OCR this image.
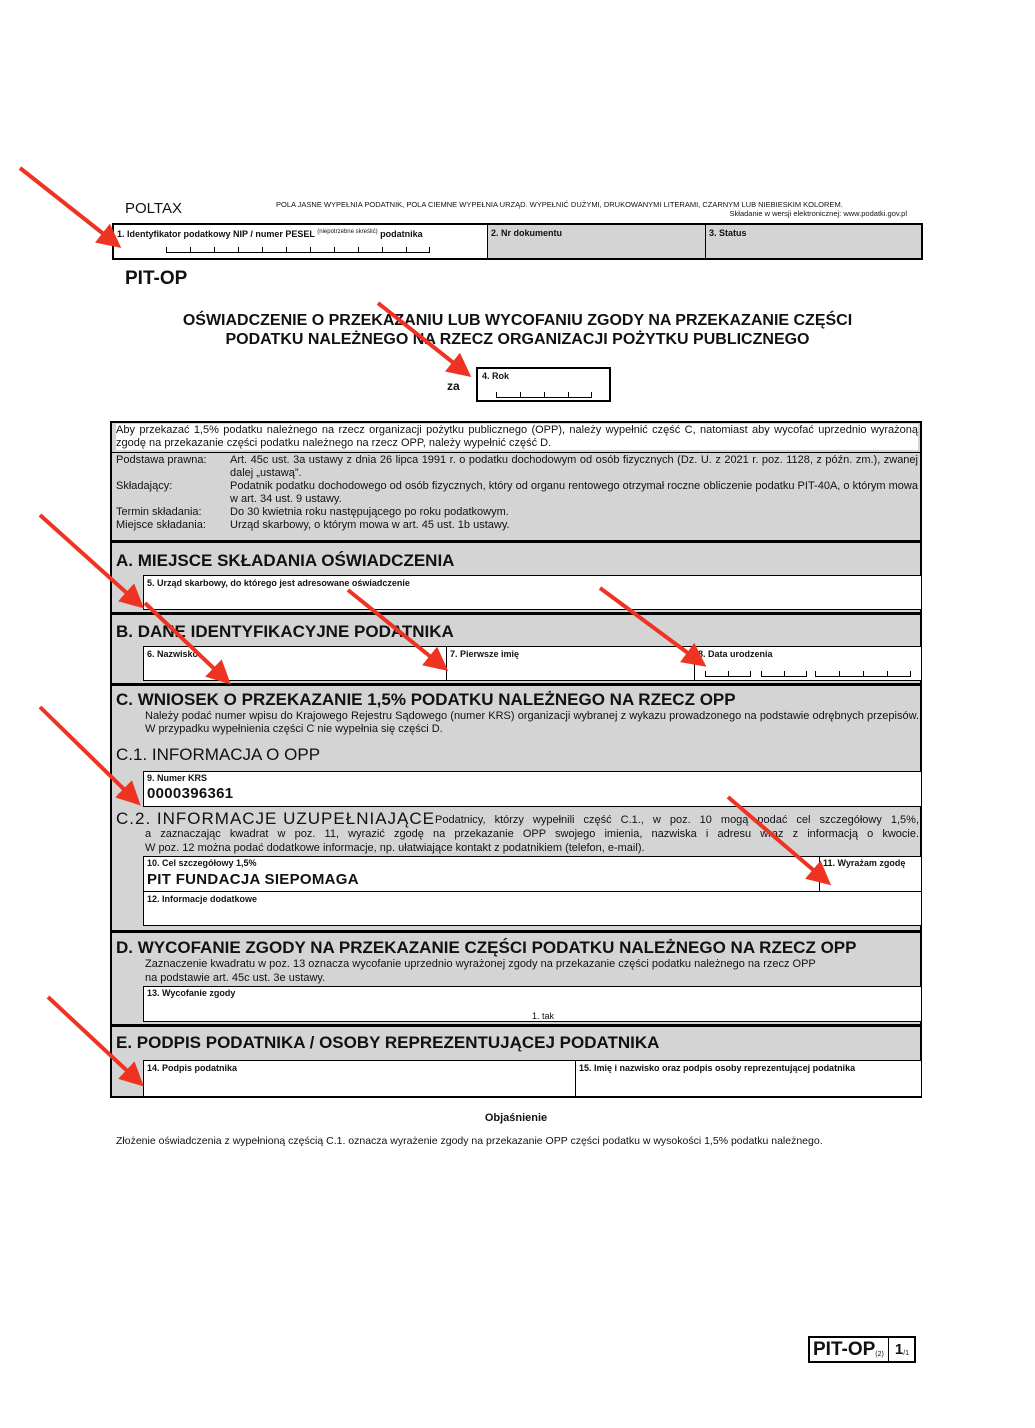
POLTAX	POLA JASNE WYPEŁNIA PODATNIK, POLA CIEMNE WYPEŁNIA URZĄD. WYPEŁNIĆ DUŻYMI, DRUKOWANYMI LITERAMI, CZARNYM LUB NIEBIESKIM KOLOREM.
Składanie w wersji elektronicznej: www.podatki.gov.pl
1. Identyfikator podatkowy NIP / numer PESEL $^{(niepotrzebne skreślić)}$ podatnika	2. Nr dokumentu	3. Status
PIT-OP
OŚWIADCZENIE O PRZEKAZANIU LUB WYCOFANIU ZGODY NA PRZEKAZANIE CZĘŚCI
PODATKU NALEŻNEGO NA RZECZ ORGANIZACJI POŻYTKU PUBLICZNEGO
za
4. Rok
Aby przekazać 1,5% podatku należnego na rzecz organizacji pożytku publicznego (OPP), należy wypełnić część C, natomiast aby wycofać uprzednio wyrażoną zgodę na przekazanie części podatku należnego na rzecz OPP, należy wypełnić część D.
Podstawa prawna:	Art. 45c ust. 3a ustawy z dnia 26 lipca 1991 r. o podatku dochodowym od osób fizycznych (Dz. U. z 2021 r. poz. 1128, z późn. zm.), zwanej dalej „ustawą”.
Składający:	Podatnik podatku dochodowego od osób fizycznych, który od organu rentowego otrzymał roczne obliczenie podatku PIT-40A, o którym mowa w art. 34 ust. 9 ustawy.
Termin składania:	Do 30 kwietnia roku następującego po roku podatkowym.
Miejsce składania:	Urząd skarbowy, o którym mowa w art. 45 ust. 1b ustawy.
A. MIEJSCE SKŁADANIA OŚWIADCZENIA
5. Urząd skarbowy, do którego jest adresowane oświadczenie
B. DANE IDENTYFIKACYJNE PODATNIKA
6. Nazwisko	7. Pierwsze imię	8. Data urodzenia
C. WNIOSEK O PRZEKAZANIE 1,5% PODATKU NALEŻNEGO NA RZECZ OPP
Należy podać numer wpisu do Krajowego Rejestru Sądowego (numer KRS) organizacji wybranej z wykazu prowadzonego na podstawie odrębnych przepisów. W przypadku wypełnienia części C nie wypełnia się części D.
C.1. INFORMACJA O OPP
9. Numer KRS
0000396361
C.2. INFORMACJE UZUPEŁNIAJĄCE Podatnicy, którzy wypełnili część C.1., w poz. 10 mogą podać cel szczegółowy 1,5%,
a zaznaczając kwadrat w poz. 11, wyrazić zgodę na przekazanie OPP swojego imienia, nazwiska i adresu wraz z informacją o kwocie.
W poz. 12 można podać dodatkowe informacje, np. ułatwiające kontakt z podatnikiem (telefon, e-mail).
10. Cel szczegółowy 1,5%
PIT FUNDACJA SIEPOMAGA
11. Wyrażam zgodę
12. Informacje dodatkowe
D. WYCOFANIE ZGODY NA PRZEKAZANIE CZĘŚCI PODATKU NALEŻNEGO NA RZECZ OPP
Zaznaczenie kwadratu w poz. 13 oznacza wycofanie uprzednio wyrażonej zgody na przekazanie części podatku należnego na rzecz OPP
na podstawie art. 45c ust. 3e ustawy.
13. Wycofanie zgody
1. tak
E. PODPIS PODATNIKA / OSOBY REPREZENTUJĄCEJ PODATNIKA
14. Podpis podatnika	15. Imię i nazwisko oraz podpis osoby reprezentującej podatnika
Objaśnienie
Złożenie oświadczenia z wypełnioną częścią C.1. oznacza wyrażenie zgody na przekazanie OPP części podatku w wysokości 1,5% podatku należnego.
PIT-OP (2) 1 /1
